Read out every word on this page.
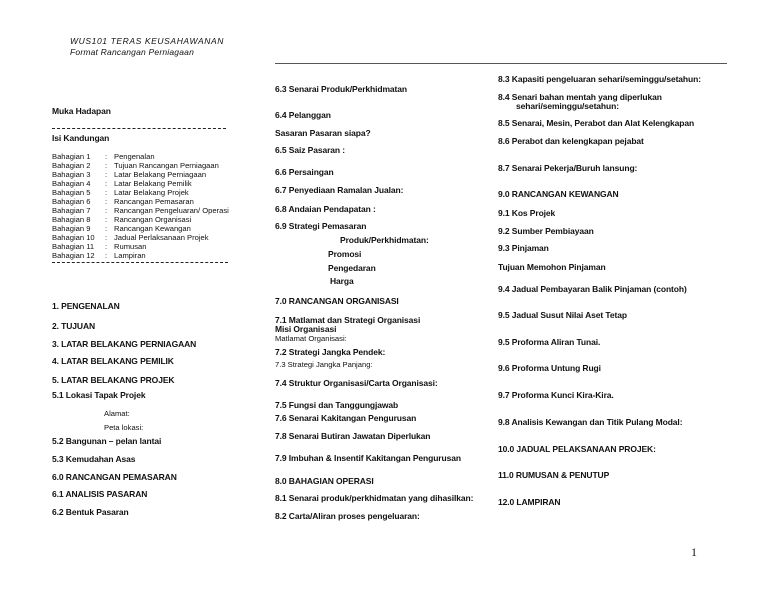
WUS101 TERAS KEUSAHAWANAN
Format Rancangan Perniagaan
Muka Hadapan
Isi Kandungan
Bahagian 1	: Pengenalan
Bahagian 2	: Tujuan Rancangan Perniagaan
Bahagian 3	: Latar Belakang Perniagaan
Bahagian 4	: Latar Belakang Pemilik
Bahagian 5	: Latar Belakang Projek
Bahagian 6	: Rancangan Pemasaran
Bahagian 7	: Rancangan Pengeluaran/ Operasi
Bahagian 8	: Rancangan Organisasi
Bahagian 9	: Rancangan Kewangan
Bahagian 10	: Jadual Perlaksanaan Projek
Bahagian 11	: Rumusan
Bahagian 12	: Lampiran
1. PENGENALAN
2. TUJUAN
3. LATAR BELAKANG PERNIAGAAN
4. LATAR BELAKANG PEMILIK
5. LATAR BELAKANG PROJEK
5.1 Lokasi Tapak Projek
Alamat:
Peta lokasi:
5.2 Bangunan – pelan lantai
5.3 Kemudahan Asas
6.0 RANCANGAN PEMASARAN
6.1 ANALISIS PASARAN
6.2 Bentuk Pasaran
6.3 Senarai Produk/Perkhidmatan
6.4 Pelanggan
Sasaran Pasaran siapa?
6.5 Saiz Pasaran :
6.6 Persaingan
6.7 Penyediaan Ramalan Jualan:
6.8 Andaian Pendapatan :
6.9 Strategi Pemasaran
Produk/Perkhidmatan:
Promosi
Pengedaran
Harga
7.0 RANCANGAN ORGANISASI
7.1 Matlamat dan Strategi Organisasi
Misi Organisasi
Matlamat Organisasi:
7.2 Strategi Jangka Pendek:
7.3 Strategi Jangka Panjang:
7.4 Struktur Organisasi/Carta Organisasi:
7.5 Fungsi dan Tanggungjawab
7.6 Senarai Kakitangan Pengurusan
7.8 Senarai Butiran Jawatan Diperlukan
7.9 Imbuhan & Insentif Kakitangan Pengurusan
8.0 BAHAGIAN OPERASI
8.1 Senarai produk/perkhidmatan yang dihasilkan:
8.2 Carta/Aliran proses pengeluaran:
8.3 Kapasiti pengeluaran sehari/seminggu/setahun:
8.4 Senari bahan mentah yang diperlukan
sehari/seminggu/setahun:
8.5 Senarai, Mesin, Perabot dan Alat Kelengkapan
8.6 Perabot dan kelengkapan pejabat
8.7 Senarai Pekerja/Buruh lansung:
9.0 RANCANGAN KEWANGAN
9.1 Kos Projek
9.2 Sumber Pembiayaan
9.3 Pinjaman
Tujuan Memohon Pinjaman
9.4 Jadual Pembayaran Balik Pinjaman (contoh)
9.5 Jadual Susut Nilai Aset Tetap
9.5 Proforma Aliran Tunai.
9.6 Proforma Untung Rugi
9.7 Proforma Kunci Kira-Kira.
9.8 Analisis Kewangan dan Titik Pulang Modal:
10.0 JADUAL PELAKSANAAN PROJEK:
11.0 RUMUSAN & PENUTUP
12.0 LAMPIRAN
1
